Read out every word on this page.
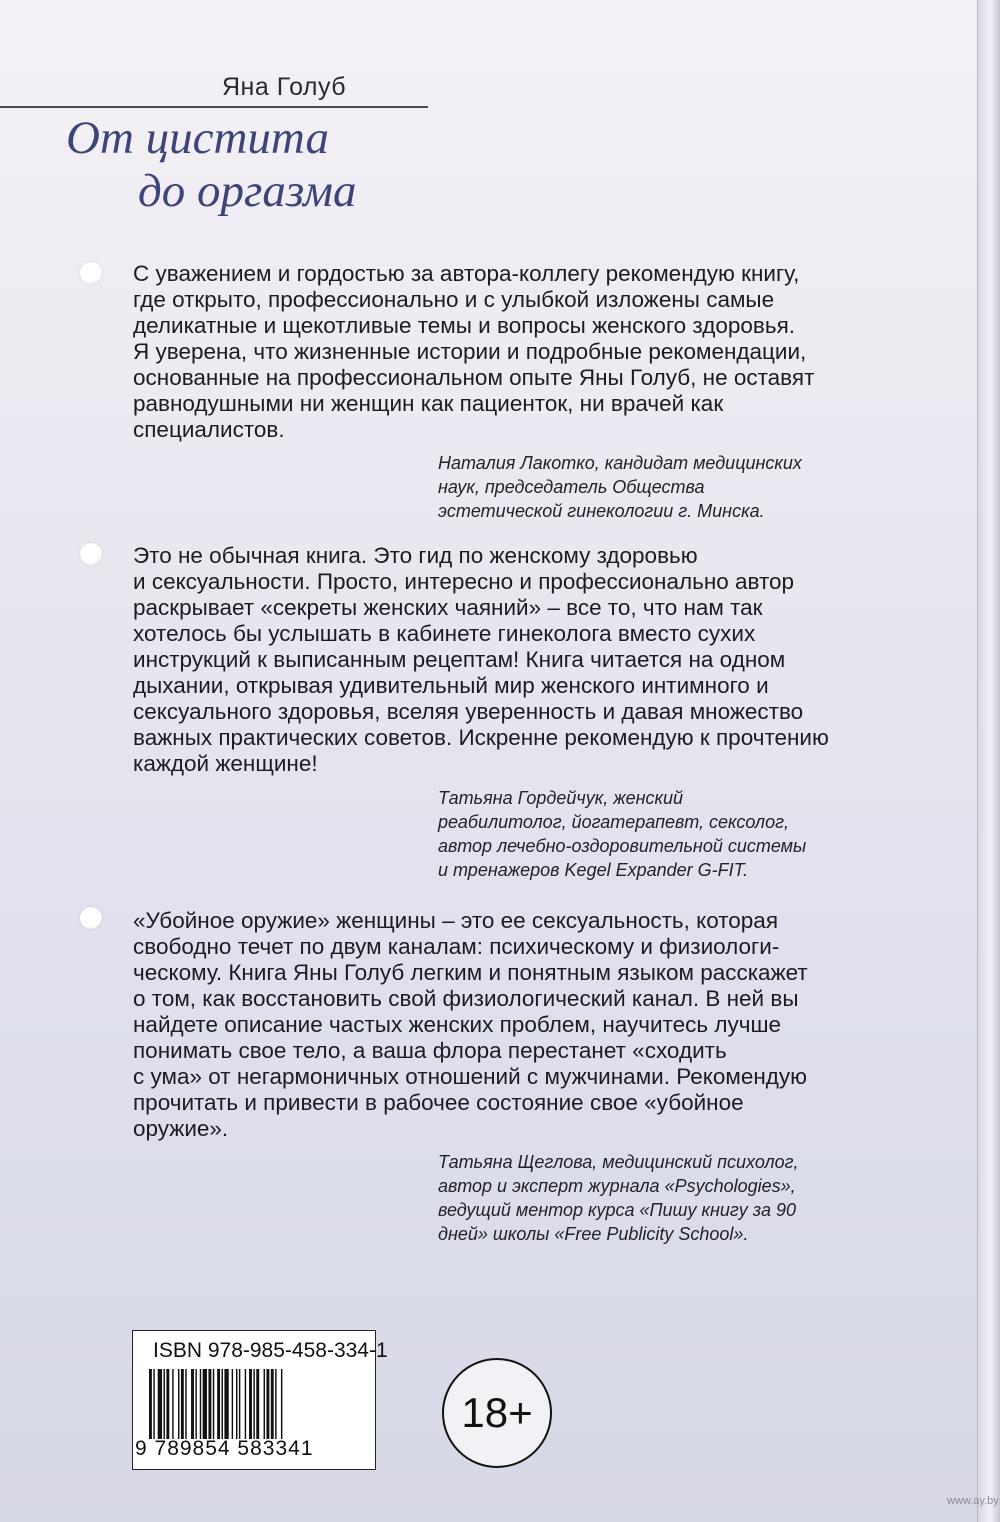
Яна Голуб
От цистита
до оргазма
С уважением и гордостью за автора-коллегу рекомендую книгу,
где открыто, профессионально и с улыбкой изложены самые
деликатные и щекотливые темы и вопросы женского здоровья.
Я уверена, что жизненные истории и подробные рекомендации,
основанные на профессиональном опыте Яны Голуб, не оставят
равнодушными ни женщин как пациенток, ни врачей как
специалистов.
Наталия Лакотко, кандидат медицинских
наук, председатель Общества
эстетической гинекологии г. Минска.
Это не обычная книга. Это гид по женскому здоровью
и сексуальности. Просто, интересно и профессионально автор
раскрывает «секреты женских чаяний» – все то, что нам так
хотелось бы услышать в кабинете гинеколога вместо сухих
инструкций к выписанным рецептам! Книга читается на одном
дыхании, открывая удивительный мир женского интимного и
сексуального здоровья, вселяя уверенность и давая множество
важных практических советов. Искренне рекомендую к прочтению
каждой женщине!
Татьяна Гордейчук, женский
реабилитолог, йогатерапевт, сексолог,
автор лечебно-оздоровительной системы
и тренажеров Kegel Expander G-FIT.
«Убойное оружие» женщины – это ее сексуальность, которая
свободно течет по двум каналам: психическому и физиологи-
ческому. Книга Яны Голуб легким и понятным языком расскажет
о том, как восстановить свой физиологический канал. В ней вы
найдете описание частых женских проблем, научитесь лучше
понимать свое тело, а ваша флора перестанет «сходить
с ума» от негармоничных отношений с мужчинами. Рекомендую
прочитать и привести в рабочее состояние свое «убойное
оружие».
Татьяна Щеглова, медицинский психолог,
автор и эксперт журнала «Psychologies»,
ведущий ментор курса «Пишу книгу за 90
дней» школы «Free Publicity School».
ISBN 978-985-458-334-1
9 789854 583341
18+
www.ay.by
